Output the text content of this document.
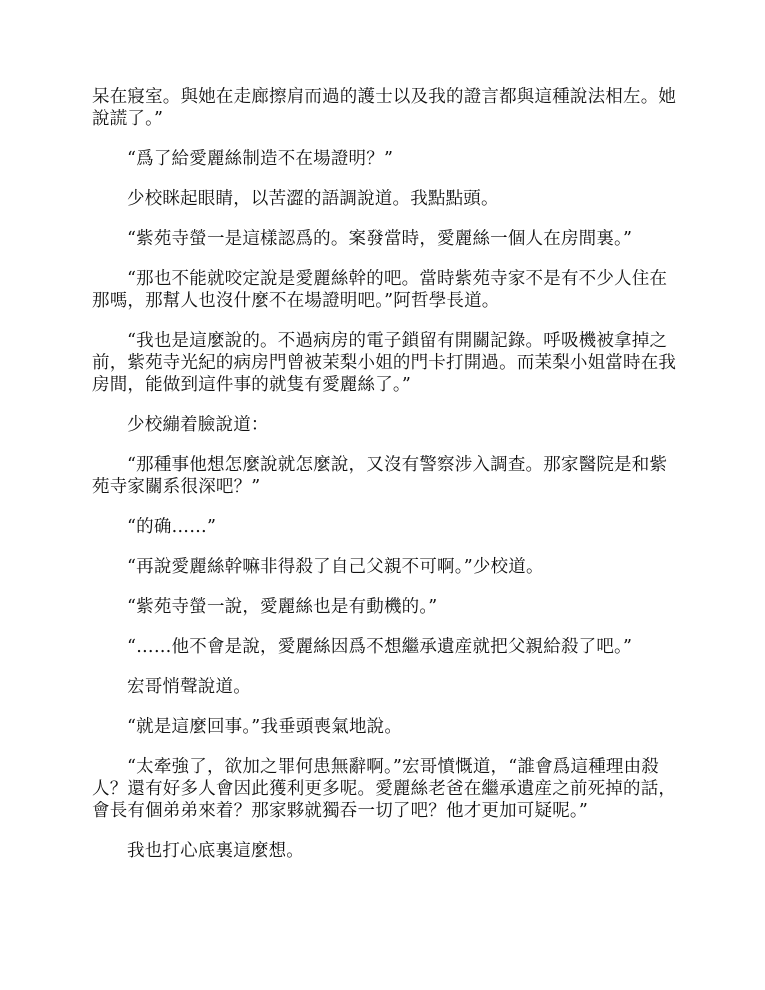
呆在寢室。與她在走廊擦肩而過的護士以及我的證言都與這種說法相左。她說謊了。”

“爲了給愛麗絲制造不在場證明？”

少校眯起眼睛，以苦澀的語調說道。我點點頭。

“紫苑寺螢一是這樣認爲的。案發當時，愛麗絲一個人在房間裏。”

“那也不能就咬定說是愛麗絲幹的吧。當時紫苑寺家不是有不少人住在那嗎，那幫人也沒什麼不在場證明吧。”阿哲學長道。

“我也是這麼說的。不過病房的電子鎖留有開關記錄。呼吸機被拿掉之前，紫苑寺光紀的病房門曾被茉梨小姐的門卡打開過。而茉梨小姐當時在我房間，能做到這件事的就隻有愛麗絲了。”

少校繃着臉說道：

“那種事他想怎麼說就怎麼說，又沒有警察涉入調查。那家醫院是和紫苑寺家關系很深吧？”

“的确……”

“再說愛麗絲幹嘛非得殺了自己父親不可啊。”少校道。

“紫苑寺螢一說，愛麗絲也是有動機的。”

“……他不會是說，愛麗絲因爲不想繼承遺産就把父親給殺了吧。”

宏哥悄聲說道。

“就是這麼回事。”我垂頭喪氣地說。

“太牽強了，欲加之罪何患無辭啊。”宏哥憤慨道，“誰會爲這種理由殺人？還有好多人會因此獲利更多呢。愛麗絲老爸在繼承遺産之前死掉的話，會長有個弟弟來着？那家夥就獨吞一切了吧？他才更加可疑呢。”

我也打心底裏這麼想。
